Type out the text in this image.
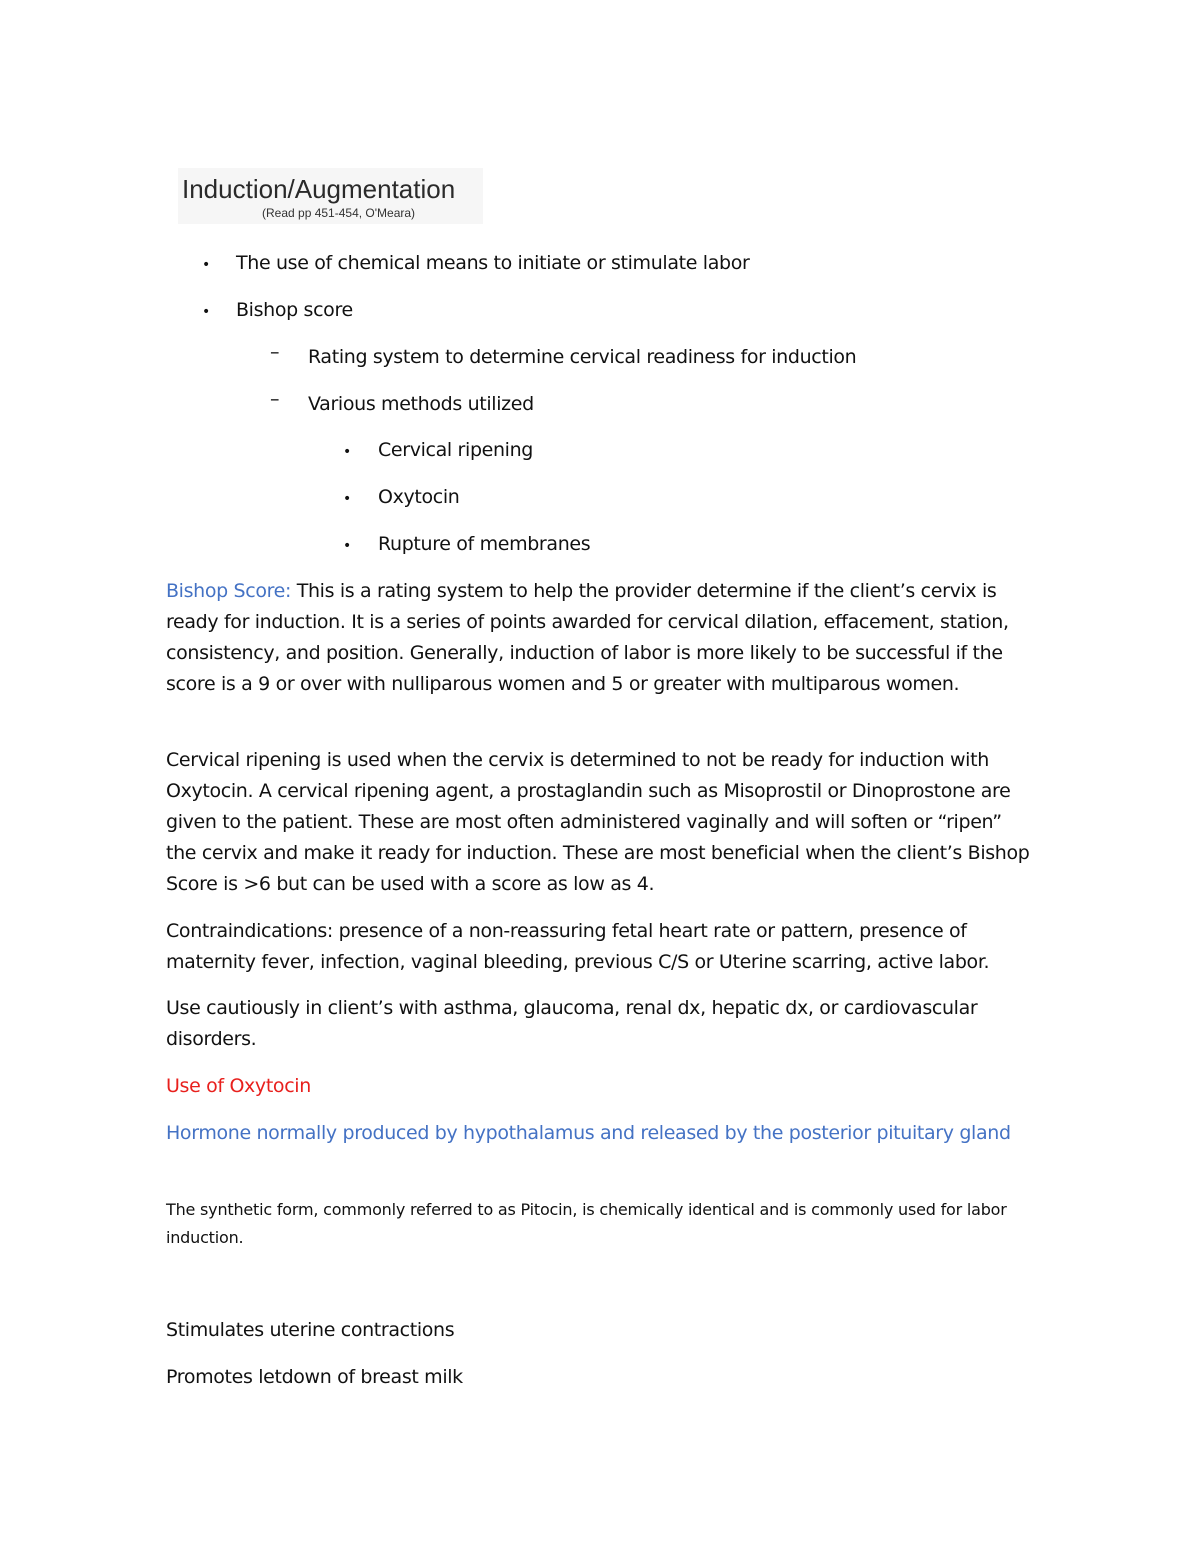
Induction/Augmentation
(Read pp 451-454, O'Meara)
• The use of chemical means to initiate or stimulate labor
• Bishop score
– Rating system to determine cervical readiness for induction
– Various methods utilized
• Cervical ripening
• Oxytocin
• Rupture of membranes
Bishop Score: This is a rating system to help the provider determine if the client’s cervix is ready for induction. It is a series of points awarded for cervical dilation, effacement, station, consistency, and position. Generally, induction of labor is more likely to be successful if the score is a 9 or over with nulliparous women and 5 or greater with multiparous women.
Cervical ripening is used when the cervix is determined to not be ready for induction with Oxytocin. A cervical ripening agent, a prostaglandin such as Misoprostil or Dinoprostone are given to the patient. These are most often administered vaginally and will soften or “ripen” the cervix and make it ready for induction. These are most beneficial when the client’s Bishop Score is >6 but can be used with a score as low as 4.
Contraindications: presence of a non-reassuring fetal heart rate or pattern, presence of maternity fever, infection, vaginal bleeding, previous C/S or Uterine scarring, active labor.
Use cautiously in client’s with asthma, glaucoma, renal dx, hepatic dx, or cardiovascular disorders.
Use of Oxytocin
Hormone normally produced by hypothalamus and released by the posterior pituitary gland
The synthetic form, commonly referred to as Pitocin, is chemically identical and is commonly used for labor induction.
Stimulates uterine contractions
Promotes letdown of breast milk
